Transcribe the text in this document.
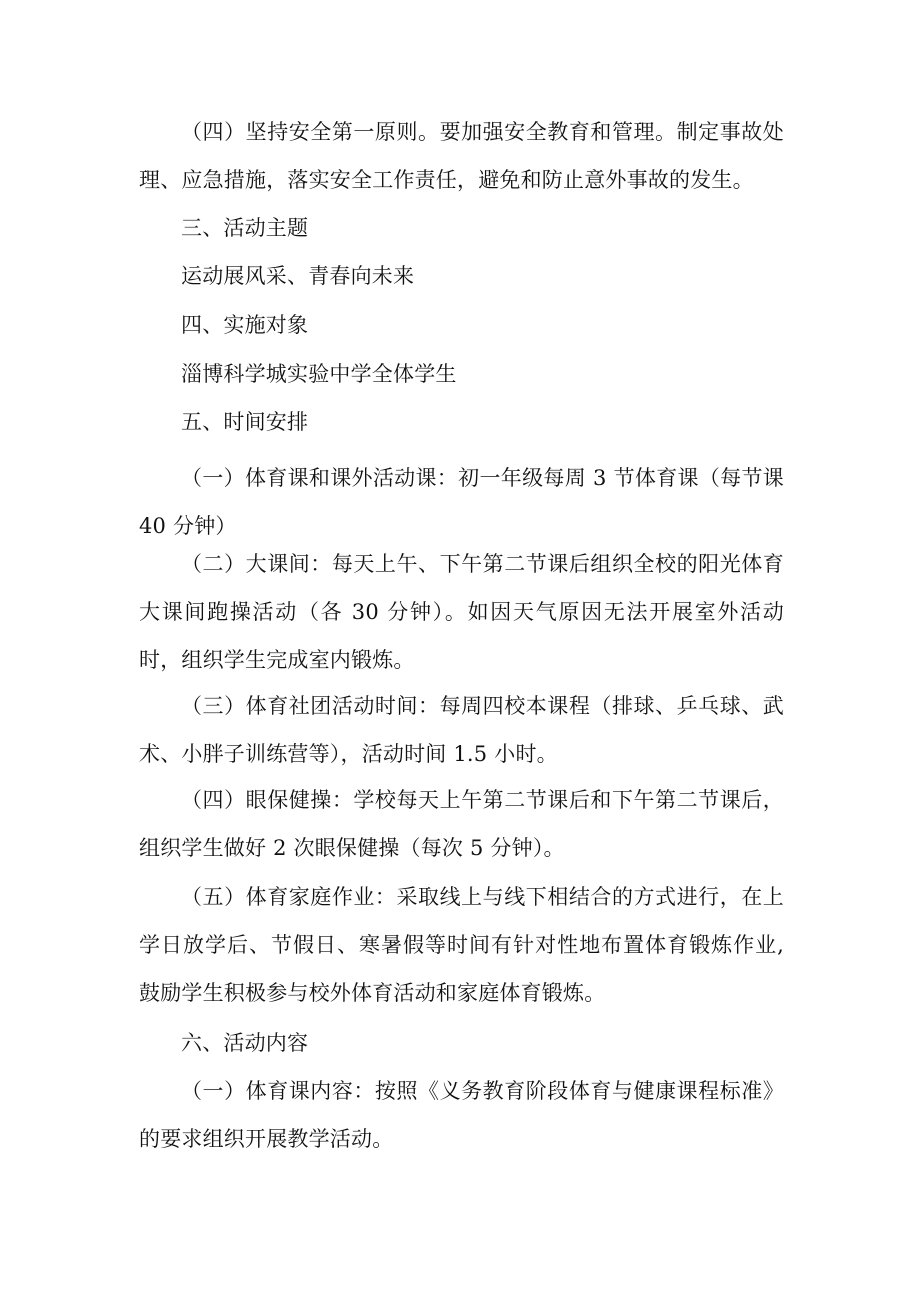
（四）坚持安全第一原则。要加强安全教育和管理。制定事故处理、应急措施，落实安全工作责任，避免和防止意外事故的发生。
三、活动主题
运动展风采、青春向未来
四、实施对象
淄博科学城实验中学全体学生
五、时间安排
（一）体育课和课外活动课：初一年级每周 3 节体育课（每节课 40 分钟）
（二）大课间：每天上午、下午第二节课后组织全校的阳光体育大课间跑操活动（各 30 分钟）。如因天气原因无法开展室外活动时，组织学生完成室内锻炼。
（三）体育社团活动时间：每周四校本课程（排球、乒乓球、武术、小胖子训练营等），活动时间 1.5 小时。
（四）眼保健操：学校每天上午第二节课后和下午第二节课后，组织学生做好 2 次眼保健操（每次 5 分钟）。
（五）体育家庭作业：采取线上与线下相结合的方式进行，在上学日放学后、节假日、寒暑假等时间有针对性地布置体育锻炼作业, 鼓励学生积极参与校外体育活动和家庭体育锻炼。
六、活动内容
（一）体育课内容：按照《义务教育阶段体育与健康课程标准》的要求组织开展教学活动。
